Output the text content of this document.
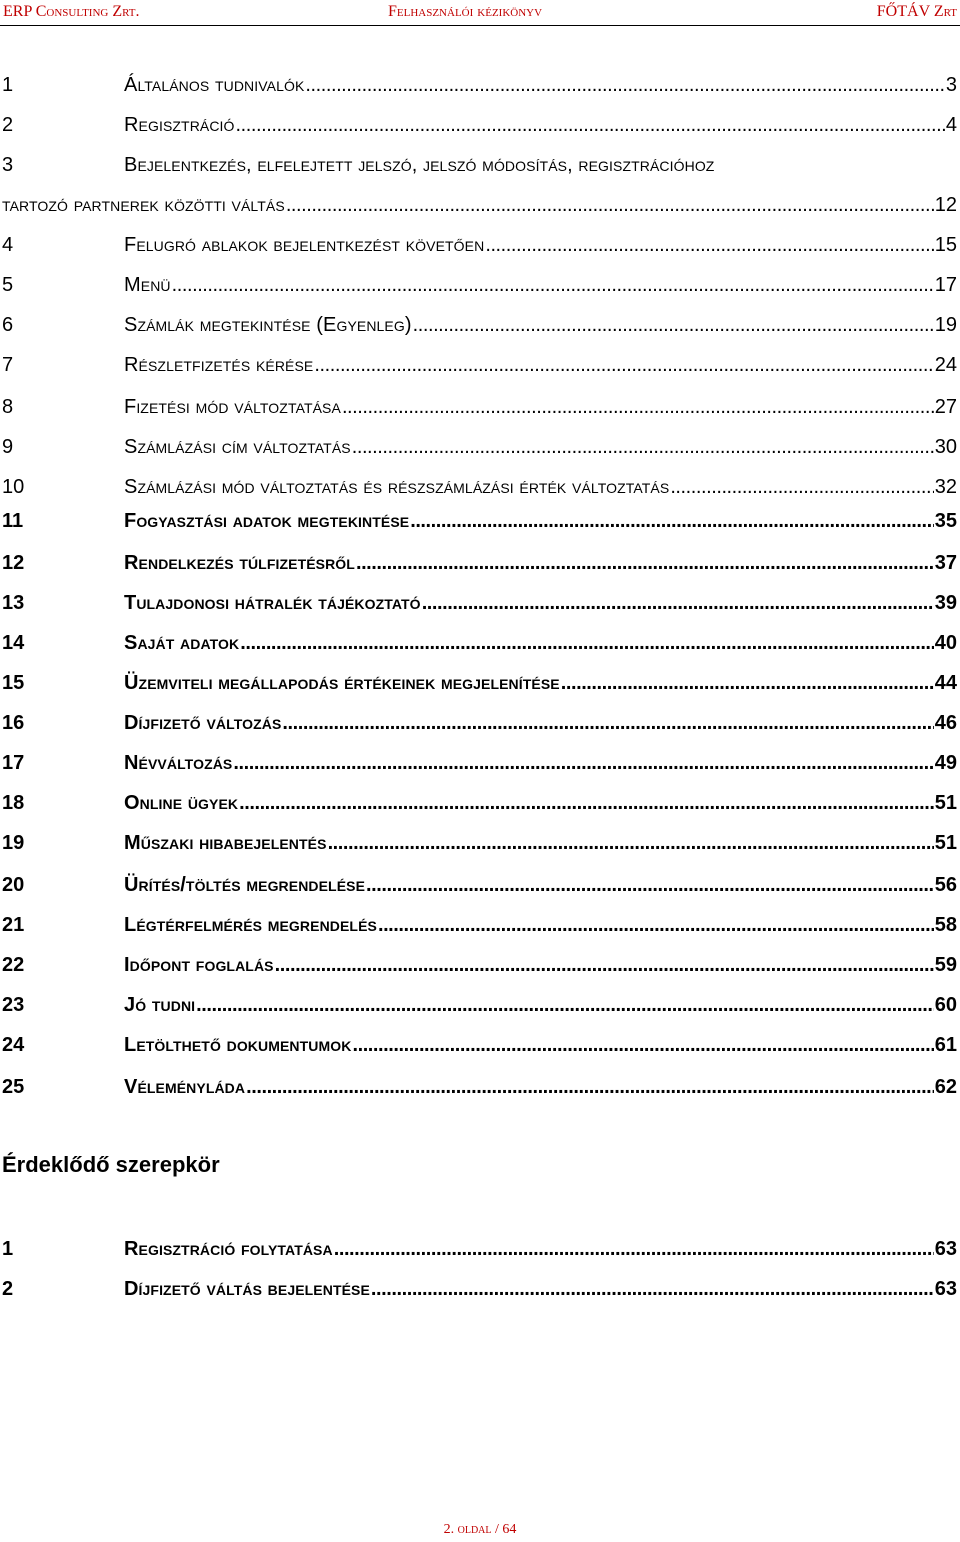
ERP Consulting Zrt.	Felhasználói kézikönyv	FŐTÁV Zrt
1	Általános tudnivalók . . .	3
2	Regisztráció . . .	4
3	Bejelentkezés, elfelejtett jelszó, jelszó módosítás, regisztrációhoz
tartozó partnerek közötti váltás . . .	12
4	Felugró ablakok bejelentkezést követően . . .	15
5	Menü . . .	17
6	Számlák megtekintése (Egyenleg) . . .	19
7	Részletfizetés kérése . . .	24
8	Fizetési mód változtatása . . .	27
9	Számlázási cím változtatás . . .	30
10	Számlázási mód változtatás és részszámlázási érték változtatás . . .	32
11	Fogyasztási adatok megtekintése . . .	35
12	Rendelkezés túlfizetésről . . .	37
13	Tulajdonosi hátralék tájékoztató . . .	39
14	Saját adatok . . .	40
15	Üzemviteli megállapodás értékeinek megjelenítése . . .	44
16	Díjfizető változás . . .	46
17	Névváltozás . . .	49
18	Online ügyek . . .	51
19	Műszaki hibabejelentés . . .	51
20	Ürítés/töltés megrendelése . . .	56
21	Légtérfelmérés megrendelés . . .	58
22	Időpont foglalás . . .	59
23	Jó tudni . . .	60
24	Letölthető dokumentumok . . .	61
25	Véleményláda . . .	62
1	Regisztráció folytatása . . .	63
2	Díjfizető váltás bejelentése . . .	63
Érdeklődő szerepkör
2. oldal / 64
